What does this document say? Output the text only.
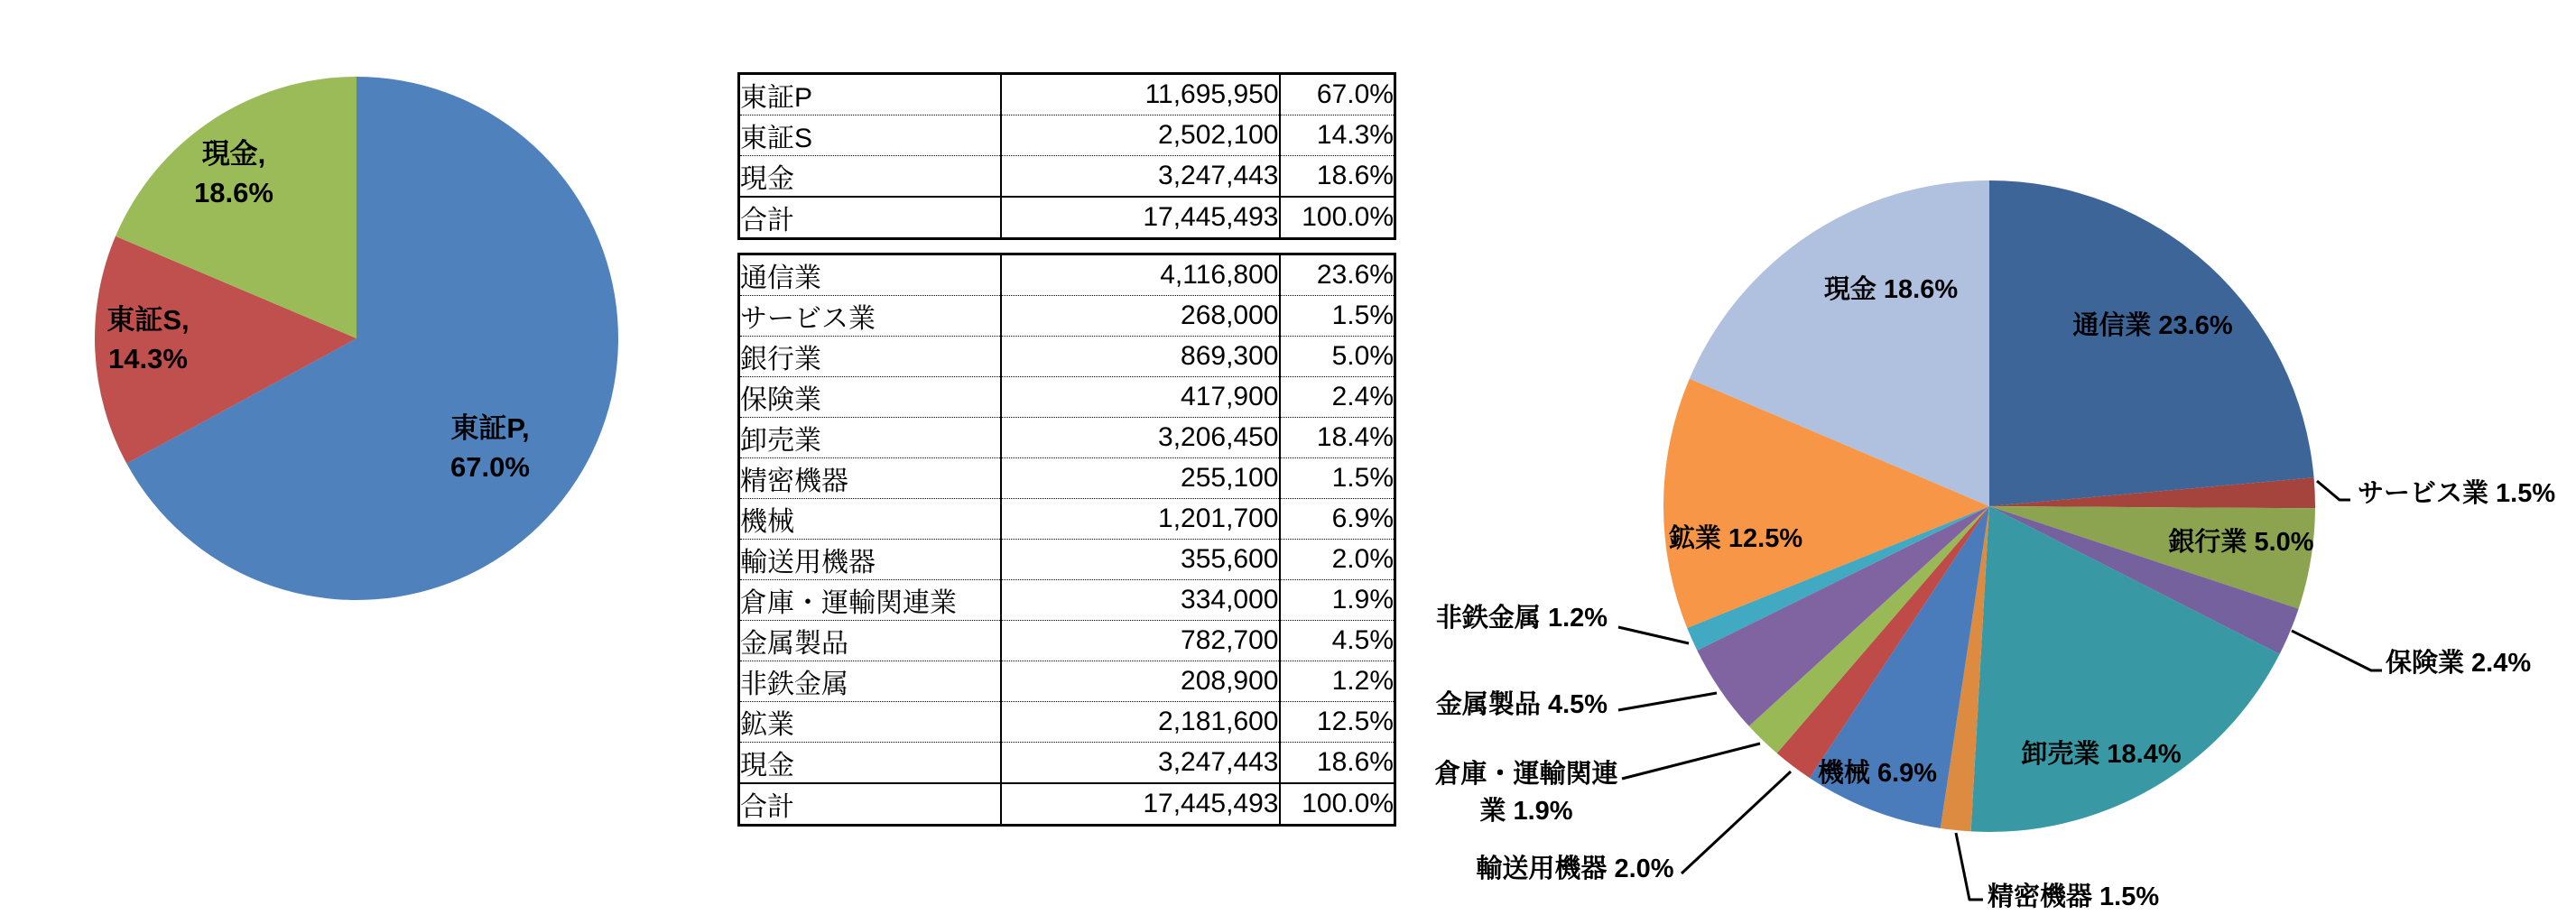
東証P, 67.0%
東証S, 14.3%
現金, 18.6%
通信業 23.6%
サービス業 1.5%
銀行業 5.0%
保険業 2.4%
卸売業 18.4%
精密機器 1.5%
機械 6.9%
輸送用機器 2.0%
倉庫・運輸関連業 1.9%
金属製品 4.5%
非鉄金属 1.2%
鉱業 12.5%
現金 18.6%
東証P	11,695,950	67.0%
東証S	2,502,100	14.3%
現金	3,247,443	18.6%
合計	17,445,493	100.0%
通信業	4,116,800	23.6%
サービス業	268,000	1.5%
銀行業	869,300	5.0%
保険業	417,900	2.4%
卸売業	3,206,450	18.4%
精密機器	255,100	1.5%
機械	1,201,700	6.9%
輸送用機器	355,600	2.0%
倉庫・運輸関連業	334,000	1.9%
金属製品	782,700	4.5%
非鉄金属	208,900	1.2%
鉱業	2,181,600	12.5%
現金	3,247,443	18.6%
合計	17,445,493	100.0%
